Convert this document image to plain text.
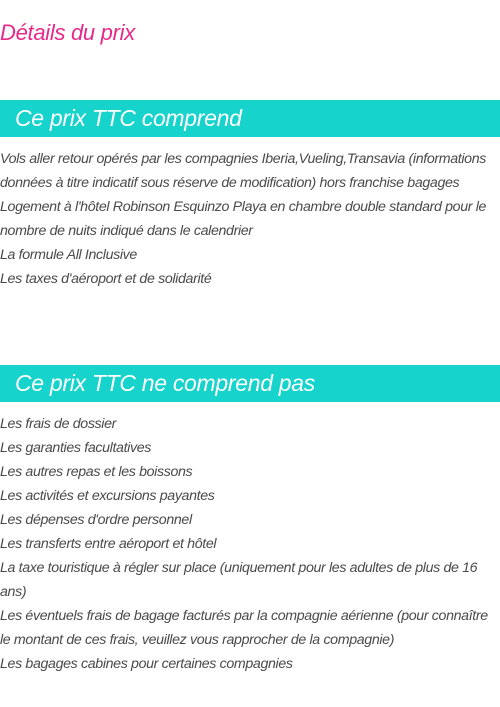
Détails du prix
Ce prix TTC comprend
Vols aller retour opérés par les compagnies Iberia,Vueling,Transavia (informations données à titre indicatif sous réserve de modification) hors franchise bagages
Logement à l'hôtel Robinson Esquinzo Playa en chambre double standard pour le nombre de nuits indiqué dans le calendrier
La formule All Inclusive
Les taxes d'aéroport et de solidarité
Ce prix TTC ne comprend pas
Les frais de dossier
Les garanties facultatives
Les autres repas et les boissons
Les activités et excursions payantes
Les dépenses d'ordre personnel
Les transferts entre aéroport et hôtel
La taxe touristique à régler sur place (uniquement pour les adultes de plus de 16 ans)
Les éventuels frais de bagage facturés par la compagnie aérienne (pour connaître le montant de ces frais, veuillez vous rapprocher de la compagnie)
Les bagages cabines pour certaines compagnies
